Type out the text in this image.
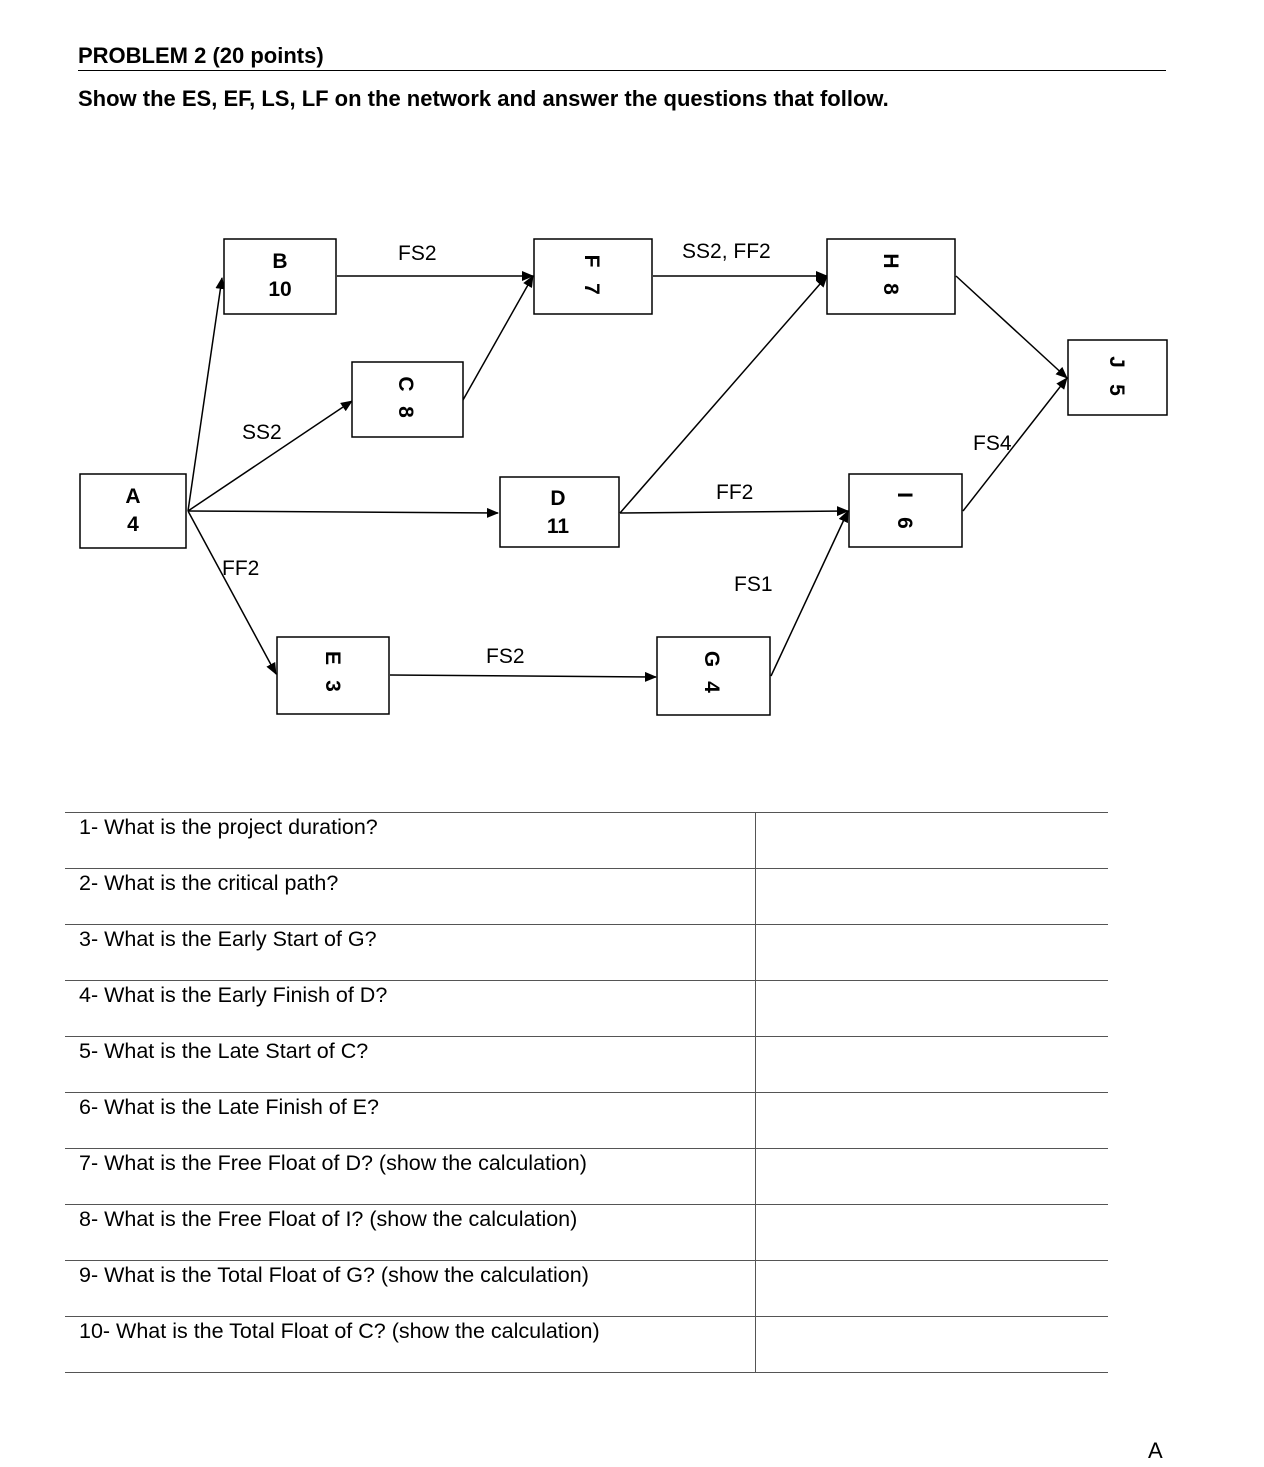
PROBLEM 2 (20 points)
Show the ES, EF, LS, LF on the network and answer the questions that follow.
SS2
FF2
FS2	SS2, FF2
FF2
FS2
FS1
FS4
A
4
B
10
C
8
D
11
E
3
F
7
G
4
H
8
I
6
J
5
1- What is the project duration?	
2- What is the critical path?	
3- What is the Early Start of G?	
4- What is the Early Finish of D?	
5- What is the Late Start of C?	
6- What is the Late Finish of E?	
7- What is the Free Float of D? (show the calculation)	
8- What is the Free Float of I? (show the calculation)	
9- What is the Total Float of G? (show the calculation)	
10- What is the Total Float of C? (show the calculation)	
A
